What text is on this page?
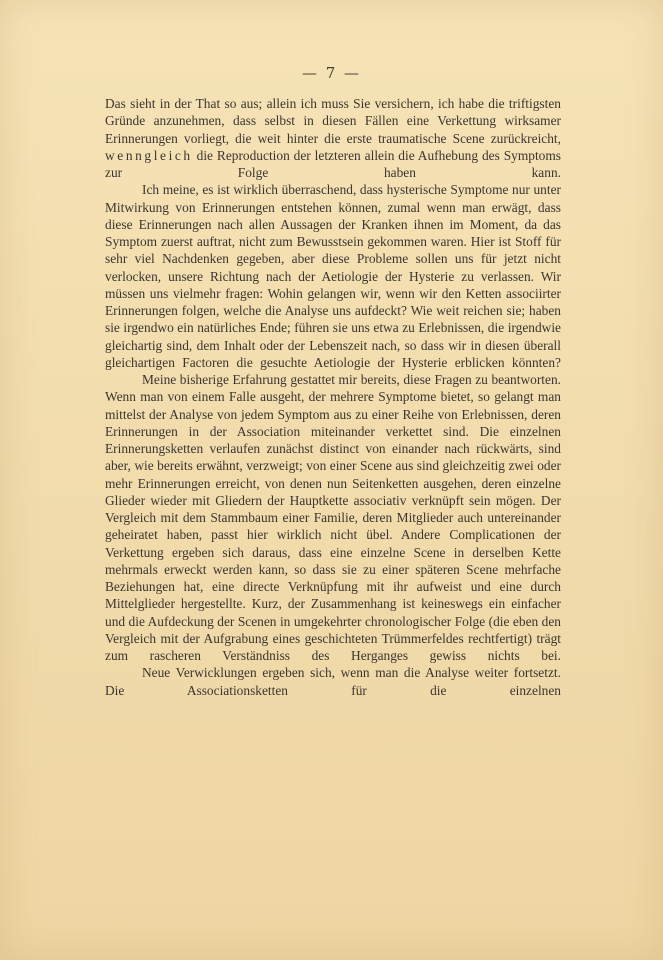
— 7 —

Das sieht in der That so aus; allein ich muss Sie versichern, ich habe die triftigsten Gründe anzunehmen, dass selbst in diesen Fällen eine Verkettung wirksamer Erinnerungen vorliegt, die weit hinter die erste traumatische Scene zurückreicht, wenngleich die Reproduction der letzteren allein die Aufhebung des Symptoms zur Folge haben kann.

Ich meine, es ist wirklich überraschend, dass hysterische Symptome nur unter Mitwirkung von Erinnerungen entstehen können, zumal wenn man erwägt, dass diese Erinnerungen nach allen Aussagen der Kranken ihnen im Moment, da das Symptom zuerst auftrat, nicht zum Bewusstsein gekommen waren. Hier ist Stoff für sehr viel Nachdenken gegeben, aber diese Probleme sollen uns für jetzt nicht verlocken, unsere Richtung nach der Aetiologie der Hysterie zu verlassen. Wir müssen uns vielmehr fragen: Wohin gelangen wir, wenn wir den Ketten associirter Erinnerungen folgen, welche die Analyse uns aufdeckt? Wie weit reichen sie; haben sie irgendwo ein natürliches Ende; führen sie uns etwa zu Erlebnissen, die irgendwie gleichartig sind, dem Inhalt oder der Lebenszeit nach, so dass wir in diesen überall gleichartigen Factoren die gesuchte Aetiologie der Hysterie erblicken könnten?

Meine bisherige Erfahrung gestattet mir bereits, diese Fragen zu beantworten. Wenn man von einem Falle ausgeht, der mehrere Symptome bietet, so gelangt man mittelst der Analyse von jedem Symptom aus zu einer Reihe von Erlebnissen, deren Erinnerungen in der Association miteinander verkettet sind. Die einzelnen Erinnerungsketten verlaufen zunächst distinct von einander nach rückwärts, sind aber, wie bereits erwähnt, verzweigt; von einer Scene aus sind gleichzeitig zwei oder mehr Erinnerungen erreicht, von denen nun Seitenketten ausgehen, deren einzelne Glieder wieder mit Gliedern der Hauptkette associativ verknüpft sein mögen. Der Vergleich mit dem Stammbaum einer Familie, deren Mitglieder auch untereinander geheiratet haben, passt hier wirklich nicht übel. Andere Complicationen der Verkettung ergeben sich daraus, dass eine einzelne Scene in derselben Kette mehrmals erweckt werden kann, so dass sie zu einer späteren Scene mehrfache Beziehungen hat, eine directe Verknüpfung mit ihr aufweist und eine durch Mittelglieder hergestellte. Kurz, der Zusammenhang ist keineswegs ein einfacher und die Aufdeckung der Scenen in umgekehrter chronologischer Folge (die eben den Vergleich mit der Aufgrabung eines geschichteten Trümmerfeldes rechtfertigt) trägt zum rascheren Verständniss des Herganges gewiss nichts bei.

Neue Verwicklungen ergeben sich, wenn man die Analyse weiter fortsetzt. Die Associationsketten für die einzelnen
